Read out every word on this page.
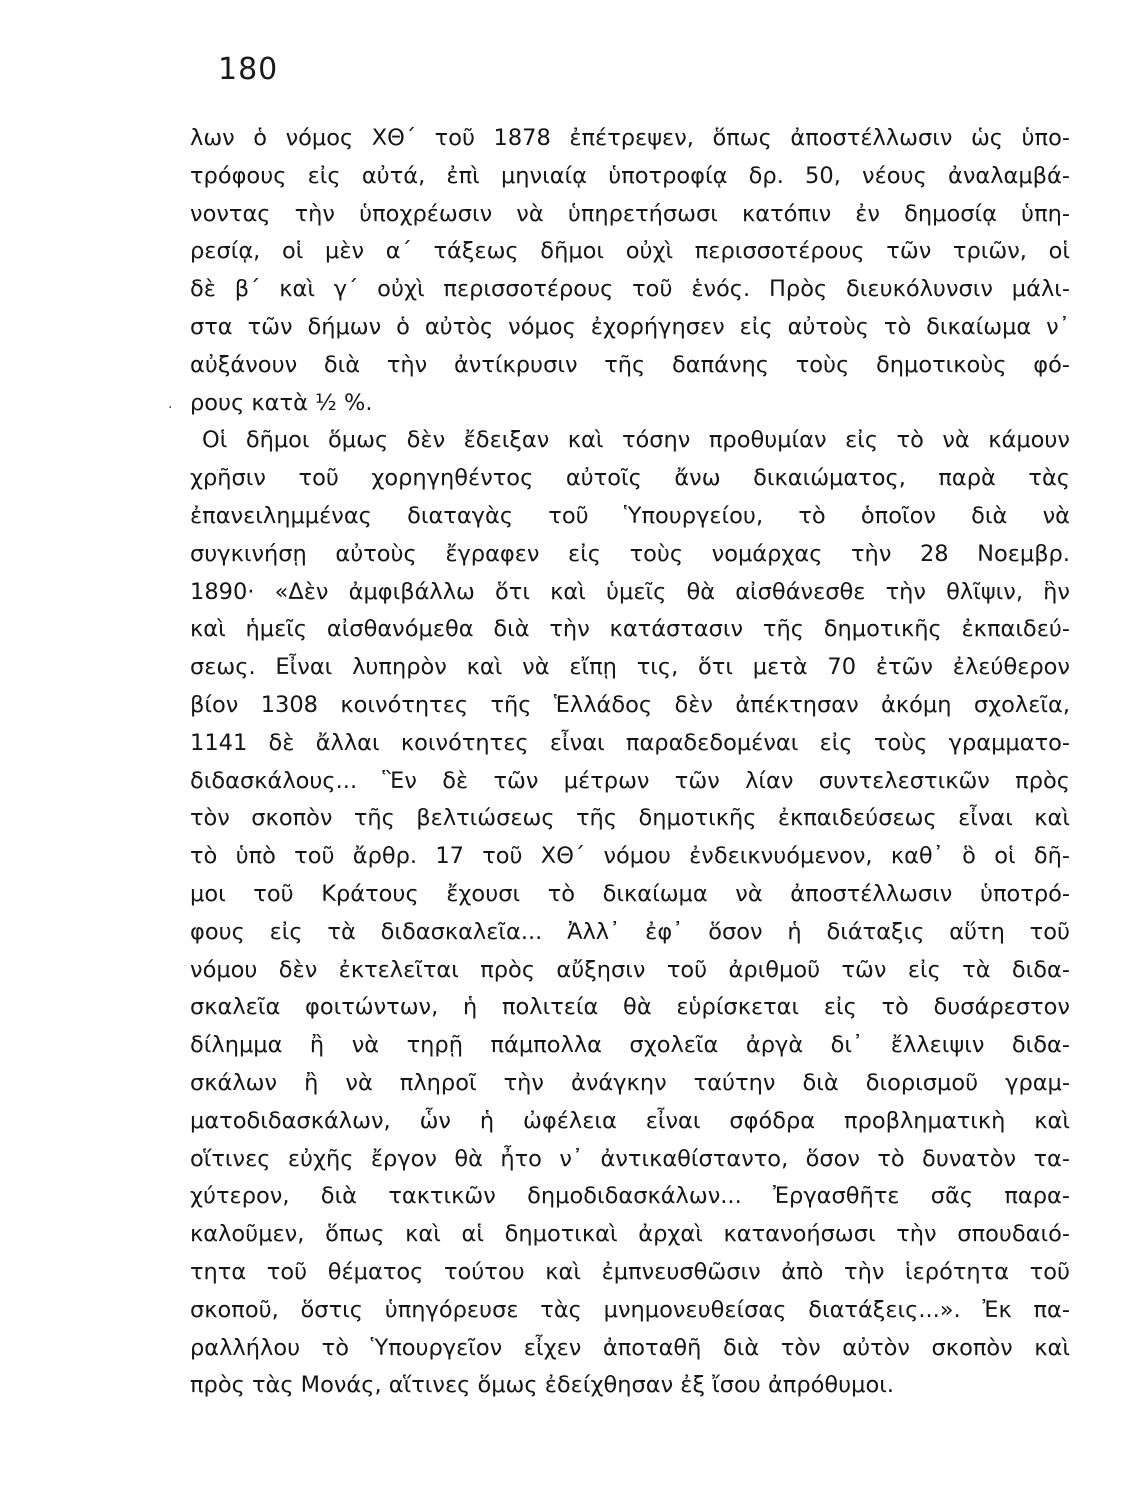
180
·
λων ὁ νόμος ΧΘ΄ τοῦ 1878 ἐπέτρεψεν, ὅπως ἀποστέλλωσιν ὡς ὑπο-
τρόφους εἰς αὐτά, ἐπὶ μηνιαίᾳ ὑποτροφίᾳ δρ. 50, νέους ἀναλαμβά-
νοντας τὴν ὑποχρέωσιν νὰ ὑπηρετήσωσι κατόπιν ἐν δημοσίᾳ ὑπη-
ρεσίᾳ, οἱ μὲν α΄ τάξεως δῆμοι οὐχὶ περισσοτέρους τῶν τριῶν, οἱ
δὲ β΄ καὶ γ΄ οὐχὶ περισσοτέρους τοῦ ἑνός. Πρὸς διευκόλυνσιν μάλι-
στα τῶν δήμων ὁ αὐτὸς νόμος ἐχορήγησεν εἰς αὐτοὺς τὸ δικαίωμα ν᾽
αὐξάνουν διὰ τὴν ἀντίκρυσιν τῆς δαπάνης τοὺς δημοτικοὺς φό-
ρους κατὰ ½ %.
Οἱ δῆμοι ὅμως δὲν ἔδειξαν καὶ τόσην προθυμίαν εἰς τὸ νὰ κάμουν
χρῆσιν τοῦ χορηγηθέντος αὐτοῖς ἄνω δικαιώματος, παρὰ τὰς
ἐπανειλημμένας διαταγὰς τοῦ Ὑπουργείου, τὸ ὁποῖον διὰ νὰ
συγκινήσῃ αὐτοὺς ἔγραφεν εἰς τοὺς νομάρχας τὴν 28 Νοεμβρ.
1890· «Δὲν ἀμφιβάλλω ὅτι καὶ ὑμεῖς θὰ αἰσθάνεσθε τὴν θλῖψιν, ἣν
καὶ ἡμεῖς αἰσθανόμεθα διὰ τὴν κατάστασιν τῆς δημοτικῆς ἐκπαιδεύ-
σεως. Εἶναι λυπηρὸν καὶ νὰ εἴπῃ τις, ὅτι μετὰ 70 ἐτῶν ἐλεύθερον
βίον 1308 κοινότητες τῆς Ἑλλάδος δὲν ἀπέκτησαν ἀκόμη σχολεῖα,
1141 δὲ ἄλλαι κοινότητες εἶναι παραδεδομέναι εἰς τοὺς γραμματο-
διδασκάλους... Ἓν δὲ τῶν μέτρων τῶν λίαν συντελεστικῶν πρὸς
τὸν σκοπὸν τῆς βελτιώσεως τῆς δημοτικῆς ἐκπαιδεύσεως εἶναι καὶ
τὸ ὑπὸ τοῦ ἄρθρ. 17 τοῦ ΧΘ΄ νόμου ἐνδεικνυόμενον, καθ᾽ ὃ οἱ δῆ-
μοι τοῦ Κράτους ἔχουσι τὸ δικαίωμα νὰ ἀποστέλλωσιν ὑποτρό-
φους εἰς τὰ διδασκαλεῖα... Ἀλλ᾽ ἐφ᾽ ὅσον ἡ διάταξις αὕτη τοῦ
νόμου δὲν ἐκτελεῖται πρὸς αὔξησιν τοῦ ἀριθμοῦ τῶν εἰς τὰ διδα-
σκαλεῖα φοιτώντων, ἡ πολιτεία θὰ εὑρίσκεται εἰς τὸ δυσάρεστον
δίλημμα ἢ νὰ τηρῇ πάμπολλα σχολεῖα ἀργὰ δι᾽ ἔλλειψιν διδα-
σκάλων ἢ νὰ πληροῖ τὴν ἀνάγκην ταύτην διὰ διορισμοῦ γραμ-
ματοδιδασκάλων, ὧν ἡ ὠφέλεια εἶναι σφόδρα προβληματικὴ καὶ
οἵτινες εὐχῆς ἔργον θὰ ἦτο ν᾽ ἀντικαθίσταντο, ὅσον τὸ δυνατὸν τα-
χύτερον, διὰ τακτικῶν δημοδιδασκάλων... Ἐργασθῆτε σᾶς παρα-
καλοῦμεν, ὅπως καὶ αἱ δημοτικαὶ ἀρχαὶ κατανοήσωσι τὴν σπουδαιό-
τητα τοῦ θέματος τούτου καὶ ἐμπνευσθῶσιν ἀπὸ τὴν ἱερότητα τοῦ
σκοποῦ, ὅστις ὑπηγόρευσε τὰς μνημονευθείσας διατάξεις...». Ἐκ πα-
ραλλήλου τὸ Ὑπουργεῖον εἶχεν ἀποταθῆ διὰ τὸν αὐτὸν σκοπὸν καὶ
πρὸς τὰς Μονάς, αἵτινες ὅμως ἐδείχθησαν ἐξ ἴσου ἀπρόθυμοι.
